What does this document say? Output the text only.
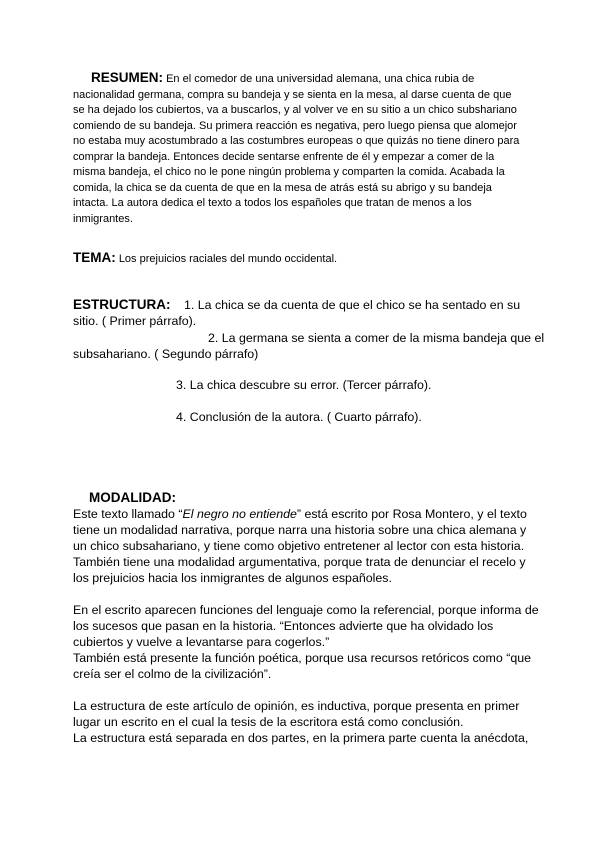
RESUMEN: En el comedor de una universidad alemana, una chica rubia de
nacionalidad germana, compra su bandeja y se sienta en la mesa, al darse cuenta de que
se ha dejado los cubiertos, va a buscarlos, y al volver ve en su sitio a un chico subshariano
comiendo de su bandeja. Su primera reacción es negativa, pero luego piensa que alomejor
no estaba muy acostumbrado a las costumbres europeas o que quizás no tiene dinero para
comprar la bandeja. Entonces decide sentarse enfrente de él y empezar a comer de la
misma bandeja, el chico no le pone ningún problema y comparten la comida. Acabada la
comida, la chica se da cuenta de que en la mesa de atrás está su abrigo y su bandeja
intacta. La autora dedica el texto a todos los españoles que tratan de menos a los
inmigrantes.
TEMA: Los prejuicios raciales del mundo occidental.
ESTRUCTURA: 1. La chica se da cuenta de que el chico se ha sentado en su
sitio. ( Primer párrafo).
2. La germana se sienta a comer de la misma bandeja que el
subsahariano. ( Segundo párrafo)
3. La chica descubre su error. (Tercer párrafo).
4. Conclusión de la autora. ( Cuarto párrafo).
MODALIDAD:
Este texto llamado “El negro no entiende” está escrito por Rosa Montero, y el texto
tiene un modalidad narrativa, porque narra una historia sobre una chica alemana y
un chico subsahariano, y tiene como objetivo entretener al lector con esta historia.
También tiene una modalidad argumentativa, porque trata de denunciar el recelo y
los prejuicios hacia los inmigrantes de algunos españoles.
En el escrito aparecen funciones del lenguaje como la referencial, porque informa de
los sucesos que pasan en la historia. “Entonces advierte que ha olvidado los
cubiertos y vuelve a levantarse para cogerlos.”
También está presente la función poética, porque usa recursos retóricos como “que
creía ser el colmo de la civilización”.
La estructura de este artículo de opinión, es inductiva, porque presenta en primer
lugar un escrito en el cual la tesis de la escritora está como conclusión.
La estructura está separada en dos partes, en la primera parte cuenta la anécdota,
